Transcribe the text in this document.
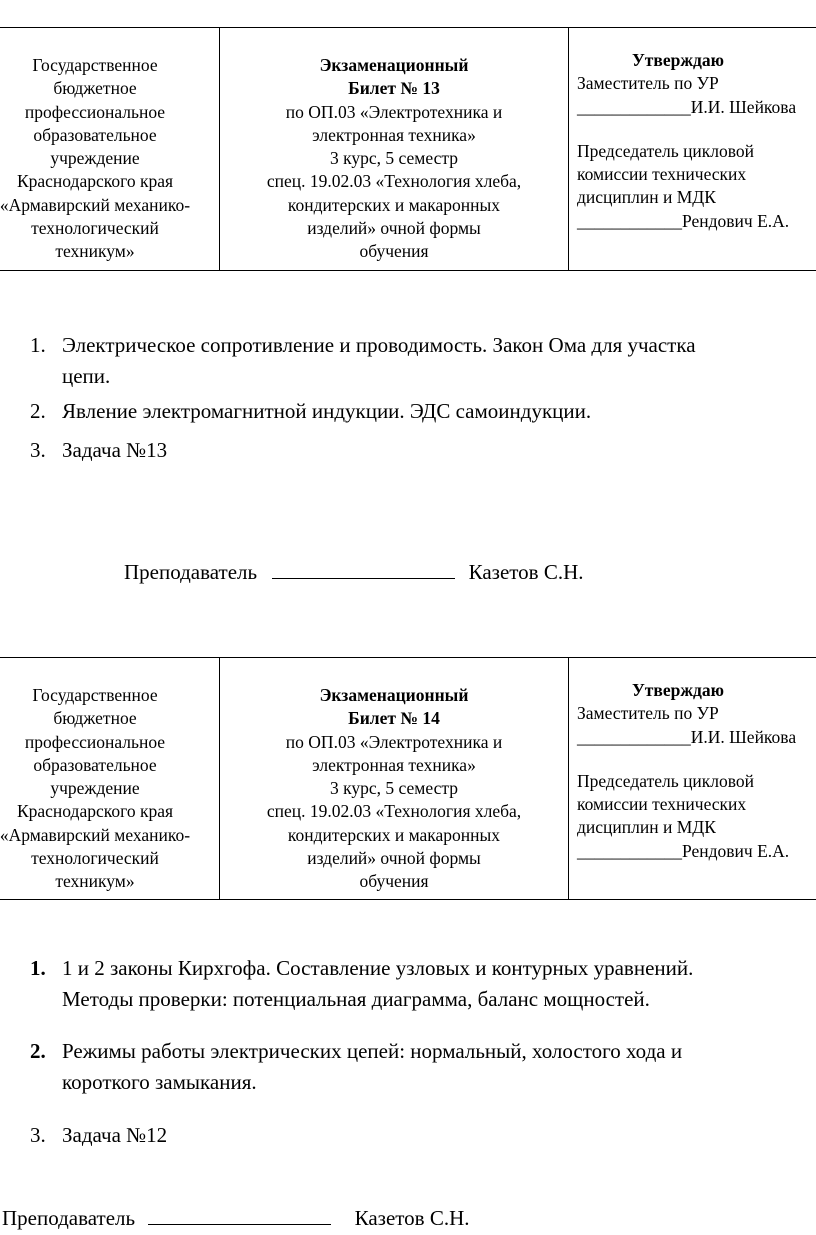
Государственное
бюджетное
профессиональное
образовательное
учреждение
Краснодарского края
«Армавирский механико-
технологический
техникум»

Экзаменационный
Билет № 13
по ОП.03 «Электротехника и
электронная техника»
3 курс, 5 семестр
спец. 19.02.03 «Технология хлеба,
кондитерских и макаронных
изделий» очной формы
обучения

Утверждаю
Заместитель по УР
_____________И.И. Шейкова
Председатель цикловой
комиссии технических
дисциплин и МДК
____________Рендович Е.А.
1. Электрическое сопротивление и проводимость. Закон Ома для участка
цепи.
2. Явление электромагнитной индукции. ЭДС самоиндукции.
3. Задача №13
Преподаватель	Казетов С.Н.
Государственное
бюджетное
профессиональное
образовательное
учреждение
Краснодарского края
«Армавирский механико-
технологический
техникум»

Экзаменационный
Билет № 14
по ОП.03 «Электротехника и
электронная техника»
3 курс, 5 семестр
спец. 19.02.03 «Технология хлеба,
кондитерских и макаронных
изделий» очной формы
обучения

Утверждаю
Заместитель по УР
_____________И.И. Шейкова
Председатель цикловой
комиссии технических
дисциплин и МДК
____________Рендович Е.А.
1. 1 и 2 законы Кирхгофа. Составление узловых и контурных уравнений.
Методы проверки: потенциальная диаграмма, баланс мощностей.
2. Режимы работы электрических цепей: нормальный, холостого хода и
короткого замыкания.
3. Задача №12
Преподаватель	Казетов С.Н.
